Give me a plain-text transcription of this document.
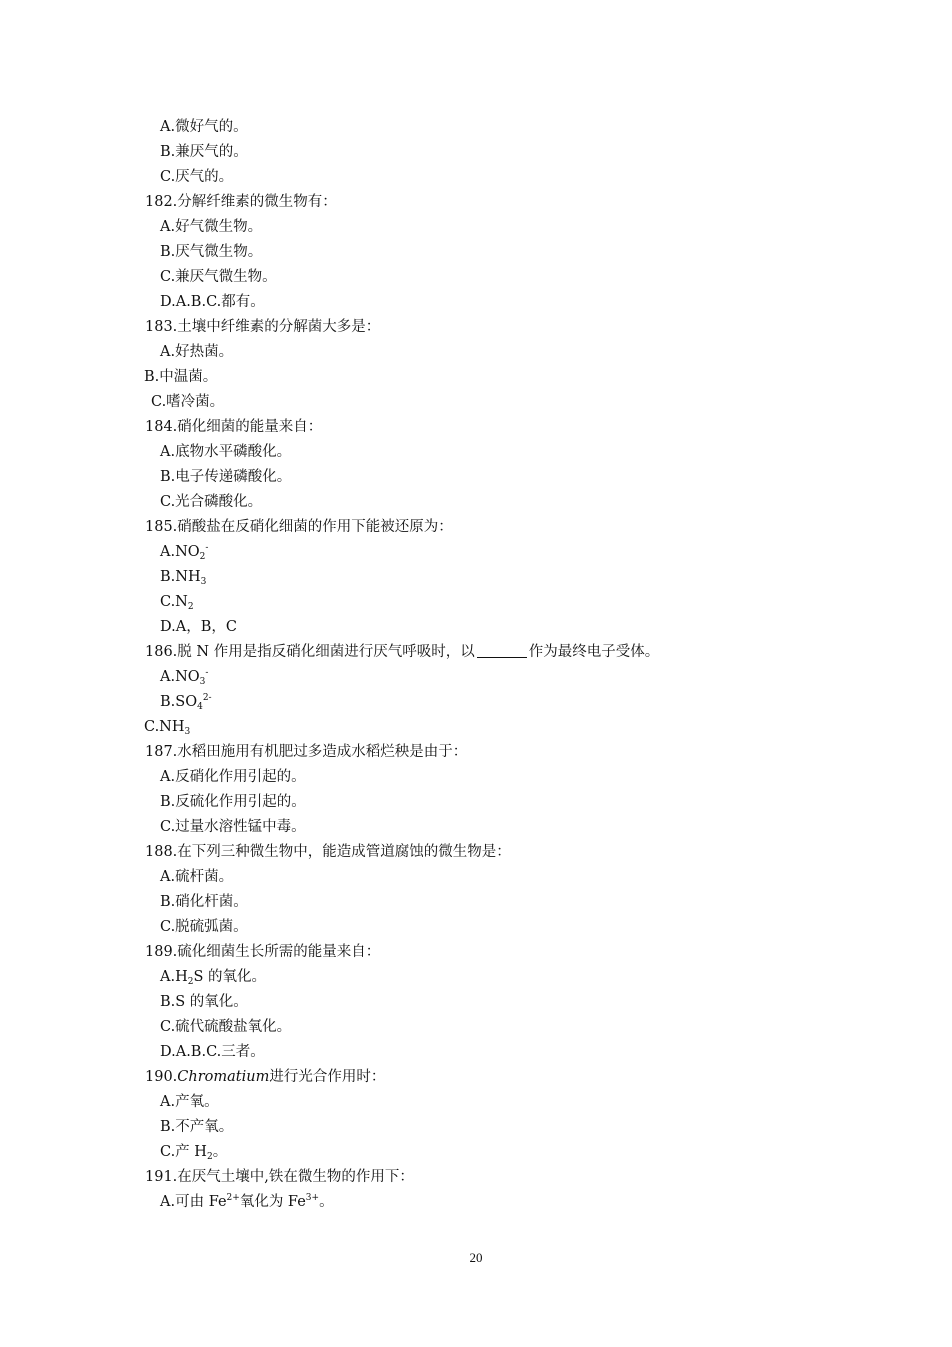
A.微好气的。
B.兼厌气的。
C.厌气的。
182.分解纤维素的微生物有：
A.好气微生物。
B.厌气微生物。
C.兼厌气微生物。
D.A.B.C.都有。
183.土壤中纤维素的分解菌大多是：
A.好热菌。
B.中温菌。
C.嗜冷菌。
184.硝化细菌的能量来自：
A.底物水平磷酸化。
B.电子传递磷酸化。
C.光合磷酸化。
185.硝酸盐在反硝化细菌的作用下能被还原为：
$A.NO_2^-$
$B.NH_3$
$C.N_2$
D.A，B，C
186.脱 N 作用是指反硝化细菌进行厌气呼吸时，以	作为最终电子受体。
$A.NO_3^-$
$B.SO_4^{2-}$
$C.NH_3$
187.水稻田施用有机肥过多造成水稻烂秧是由于：
A.反硝化作用引起的。
B.反硫化作用引起的。
C.过量水溶性锰中毒。
188.在下列三种微生物中，能造成管道腐蚀的微生物是：
A.硫杆菌。
B.硝化杆菌。
C.脱硫弧菌。
189.硫化细菌生长所需的能量来自：
$A.H_2S$ 的氧化。
B.S 的氧化。
C.硫代硫酸盐氧化。
D.A.B.C.三者。
190.Chromatium进行光合作用时：
A.产氧。
B.不产氧。
C.产 $H_2$。
191.在厌气土壤中,铁在微生物的作用下：
A.可由 $Fe^{2+}$氧化为 $Fe^{3+}$。
20
